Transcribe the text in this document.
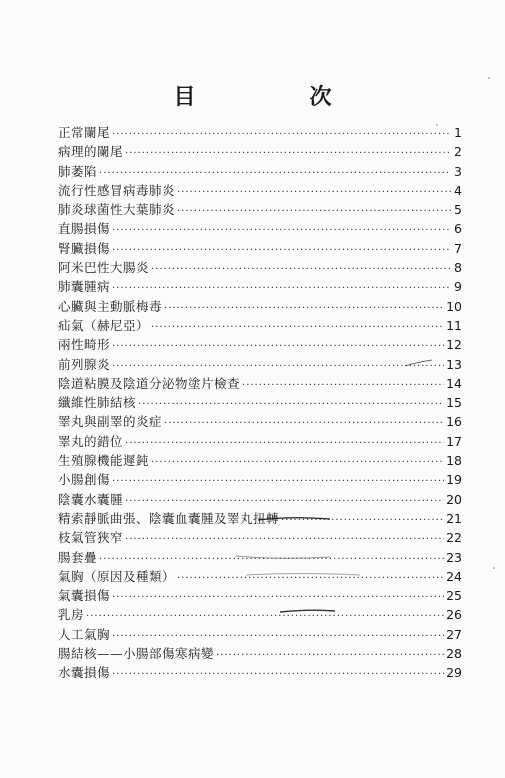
目　次
正常闌尾 ·····	1
病理的闌尾 ·····	2
肺萎陷 ·····	3
流行性感冒病毒肺炎 ·····	4
肺炎球菌性大葉肺炎 ·····	5
直腸損傷 ·····	6
腎臟損傷 ·····	7
阿米巴性大腸炎 ·····	8
肺囊腫病 ·····	9
心臟與主動脈梅毒 ·····	10
疝氣（赫尼亞） ·····	11
兩性畸形 ·····	12
前列腺炎 ·····	13
陰道粘膜及陰道分泌物塗片檢查 ·····	14
纖維性肺結核 ·····	15
睪丸與副睪的炎症 ·····	16
睪丸的錯位 ·····	17
生殖腺機能遲鈍 ·····	18
小腸創傷 ·····	19
陰囊水囊腫 ·····	20
精索靜脈曲張、陰囊血囊腫及睪丸扭轉 ·····	21
枝氣管狹窄 ·····	22
腸套疊 ·····	23
氣胸（原因及種類） ·····	24
氣囊損傷 ·····	25
乳房 ·····	26
人工氣胸 ·····	27
腸結核——小腸部傷寒病變 ·····	28
水囊損傷 ·····	29
